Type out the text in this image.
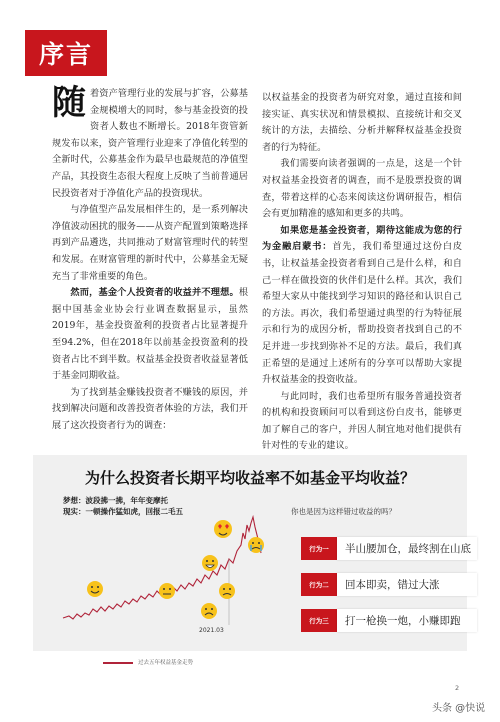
序言

随着资产管理行业的发展与扩容，公募基金规模增大的同时，参与基金投资的投资者人数也不断增长。2018年资管新规发布以来，资产管理行业迎来了净值化转型的全新时代，公募基金作为最早也最规范的净值型产品，其投资生态很大程度上反映了当前普通居民投资者对于净值化产品的投资现状。

与净值型产品发展相伴生的，是一系列解决净值波动困扰的服务——从资产配置到策略选择再到产品遴选，共同推动了财富管理时代的转型和发展。在财富管理的新时代中，公募基金无疑充当了非常重要的角色。

然而，基金个人投资者的收益并不理想。根据中国基金业协会行业调查数据显示，虽然2019年，基金投资盈利的投资者占比显著提升至94.2%，但在2018年以前基金投资盈利的投资者占比不到半数。权益基金投资者收益显著低于基金同期收益。

为了找到基金赚钱投资者不赚钱的原因，并找到解决问题和改善投资者体验的方法，我们开展了这次投资者行为的调查：

以权益基金的投资者为研究对象，通过直接和间接实证、真实状况和情景模拟、直接统计和交叉统计的方法，去描绘、分析并解释权益基金投资者的行为特征。

我们需要向读者强调的一点是，这是一个针对权益基金投资者的调查，而不是股票投资的调查，带着这样的心态来阅读这份调研报告，相信会有更加精准的感知和更多的共鸣。

如果您是基金投资者，期待这能成为您的行为金融启蒙书：首先，我们希望通过这份白皮书，让权益基金投资者看到自己是什么样，和自己一样在做投资的伙伴们是什么样。其次，我们希望大家从中能找到学习知识的路径和认识自己的方法。再次，我们希望通过典型的行为特征展示和行为的成因分析，帮助投资者找到自己的不足并进一步找到弥补不足的方法。最后，我们真正希望的是通过上述所有的分享可以帮助大家提升权益基金的投资收益。

与此同时，我们也希望所有服务普通投资者的机构和投资顾问可以看到这份白皮书，能够更加了解自己的客户，并因人制宜地对他们提供有针对性的专业的建议。

为什么投资者长期平均收益率不如基金平均收益？
梦想：波段拂一拂，年年变摩托
现实：一顿操作猛如虎，回报二毛五
2021.03
过去五年权益基金走势
你也是因为这样错过收益的吗？
行为一	半山腰加仓，最终割在山底
行为二	回本即卖，错过大涨
行为三	打一枪换一炮，小赚即跑
2
头条 @快说
